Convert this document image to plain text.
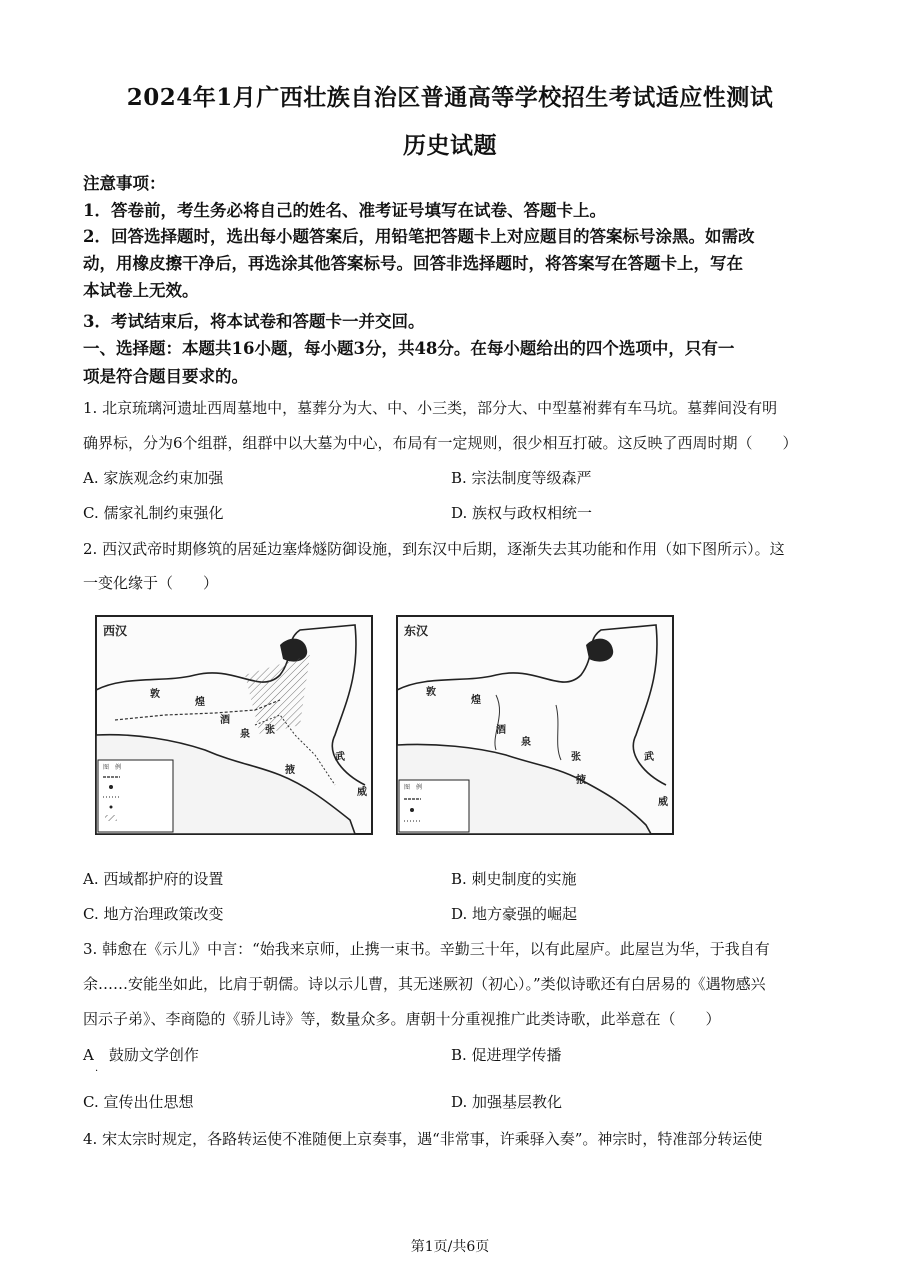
2024年1月广西壮族自治区普通高等学校招生考试适应性测试
历史试题
注意事项：
1．答卷前，考生务必将自己的姓名、准考证号填写在试卷、答题卡上。
2．回答选择题时，选出每小题答案后，用铅笔把答题卡上对应题目的答案标号涂黑。如需改
动，用橡皮擦干净后，再选涂其他答案标号。回答非选择题时，将答案写在答题卡上，写在
本试卷上无效。
3．考试结束后，将本试卷和答题卡一并交回。
一、选择题：本题共16小题，每小题3分，共48分。在每小题给出的四个选项中，只有一
项是符合题目要求的。
1. 北京琉璃河遗址西周墓地中，墓葬分为大、中、小三类，部分大、中型墓袝葬有车马坑。墓葬间没有明
确界标，分为6个组群，组群中以大墓为中心，布局有一定规则，很少相互打破。这反映了西周时期（　　）
A. 家族观念约束加强	B. 宗法制度等级森严
C. 儒家礼制约束强化	D. 族权与政权相统一
2. 西汉武帝时期修筑的居延边塞烽燧防御设施，到东汉中后期，逐渐失去其功能和作用（如下图所示）。这
一变化缘于（　　）
西汉
敦
煌
酒
泉 张
掖
武
威
图　例
东汉
敦
煌
酒
泉
张
掖
武
威
图　例
A. 西域都护府的设置	B. 刺史制度的实施
C. 地方治理政策改变	D. 地方豪强的崛起
3. 韩愈在《示儿》中言：“始我来京师，止携一束书。辛勤三十年，以有此屋庐。此屋岂为华，于我自有
余……安能坐如此，比肩于朝儒。诗以示儿曹，其无迷厥初（初心）。”类似诗歌还有白居易的《遇物感兴
因示子弟》、李商隐的《骄儿诗》等，数量众多。唐朝十分重视推广此类诗歌，此举意在（　　）
A　鼓励文学创作	B. 促进理学传播
·
C. 宣传出仕思想	D. 加强基层教化
4. 宋太宗时规定，各路转运使不准随便上京奏事，遇“非常事，许乘驿入奏”。神宗时，特准部分转运使
第1页/共6页
